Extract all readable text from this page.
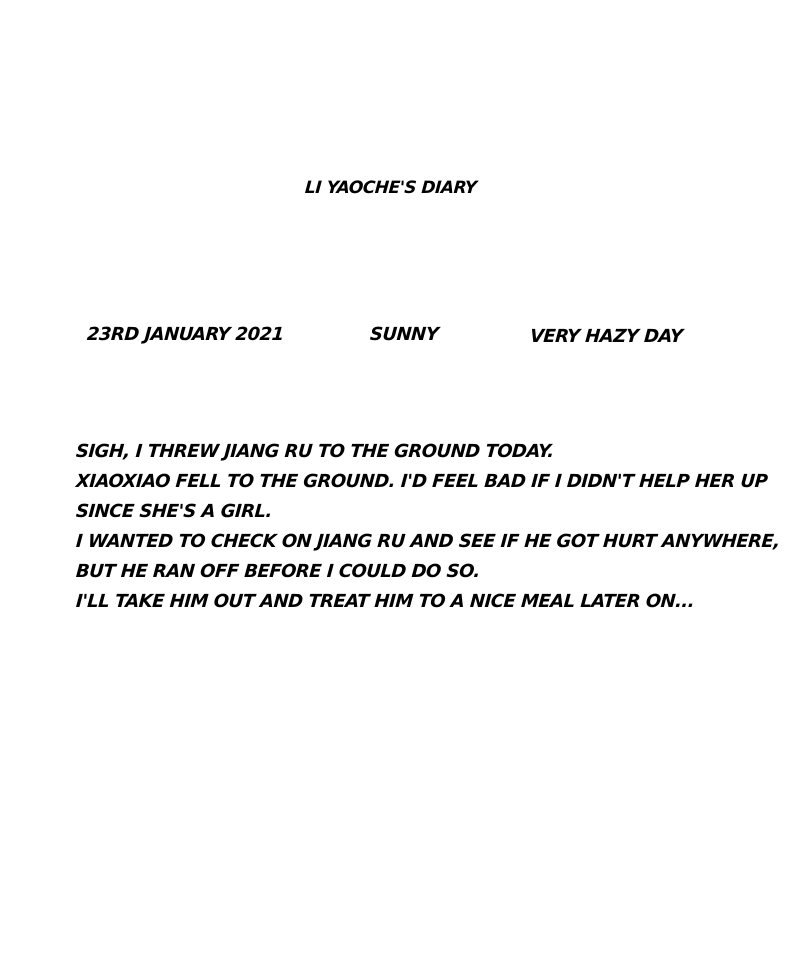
LI YAOCHE'S DIARY
23RD JANUARY 2021	SUNNY	VERY HAZY DAY
SIGH, I THREW JIANG RU TO THE GROUND TODAY.
XIAOXIAO FELL TO THE GROUND. I'D FEEL BAD IF I DIDN'T HELP HER UP
SINCE SHE'S A GIRL.
I WANTED TO CHECK ON JIANG RU AND SEE IF HE GOT HURT ANYWHERE,
BUT HE RAN OFF BEFORE I COULD DO SO.
I'LL TAKE HIM OUT AND TREAT HIM TO A NICE MEAL LATER ON...
